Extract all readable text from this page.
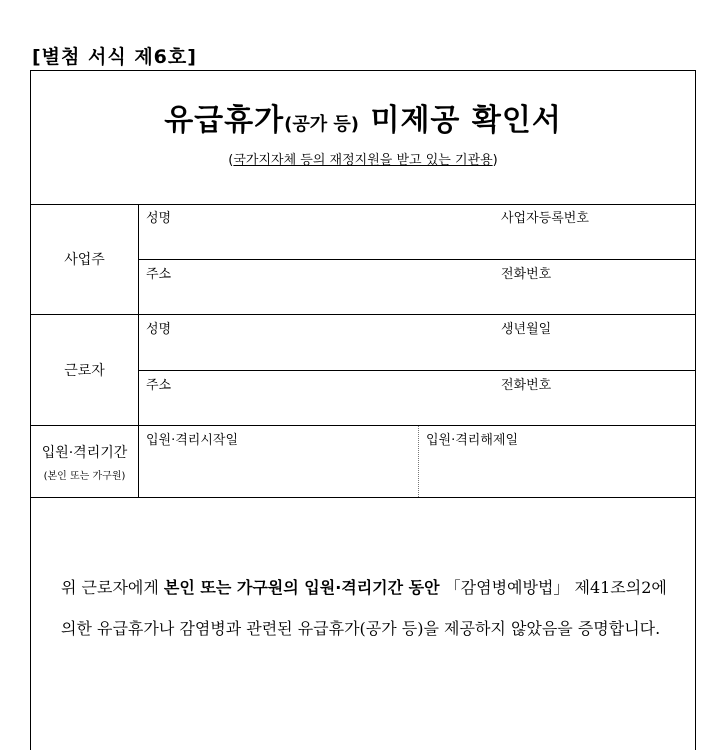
[별첨 서식 제6호]
유급휴가(공가 등) 미제공 확인서
(국가지자체 등의 재정지원을 받고 있는 기관용)
사업주
성명	사업자등록번호
주소	전화번호
근로자
성명	생년월일
주소	전화번호
입원·격리기간
(본인 또는 가구원)
입원·격리시작일	입원·격리해제일
위 근로자에게 본인 또는 가구원의 입원·격리기간 동안 「감염병예방법」 제41조의2에 의한 유급휴가나 감염병과 관련된 유급휴가(공가 등)을 제공하지 않았음을 증명합니다.
